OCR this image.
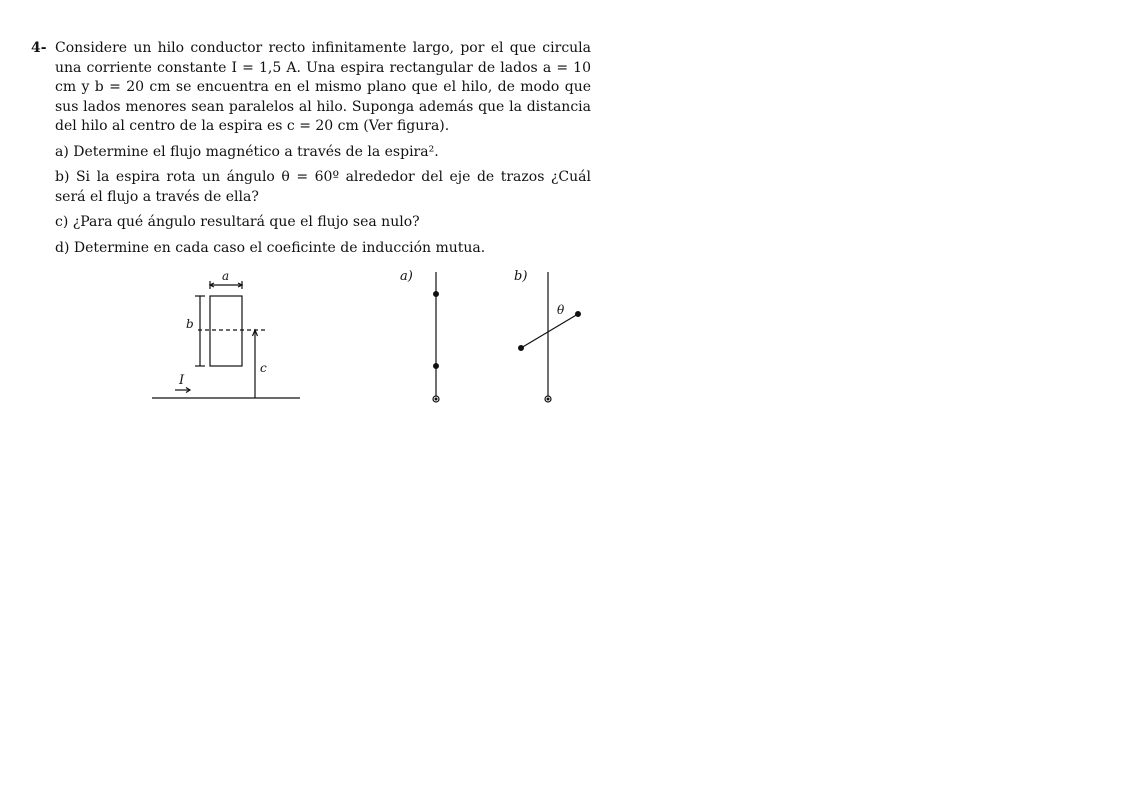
4- Considere un hilo conductor recto infinitamente largo, por el que circula una corriente constante I = 1,5 A. Una espira rectangular de lados a = 10 cm y b = 20 cm se encuentra en el mismo plano que el hilo, de modo que sus lados menores sean paralelos al hilo. Suponga además que la distancia del hilo al centro de la espira es c = 20 cm (Ver figura).
a) Determine el flujo magnético a través de la espira².
b) Si la espira rota un ángulo θ = 60º alrededor del eje de trazos ¿Cuál será el flujo a través de ella?
c) ¿Para qué ángulo resultará que el flujo sea nulo?
d) Determine en cada caso el coeficinte de inducción mutua.
a
b
c
I
a)	b)
θ
